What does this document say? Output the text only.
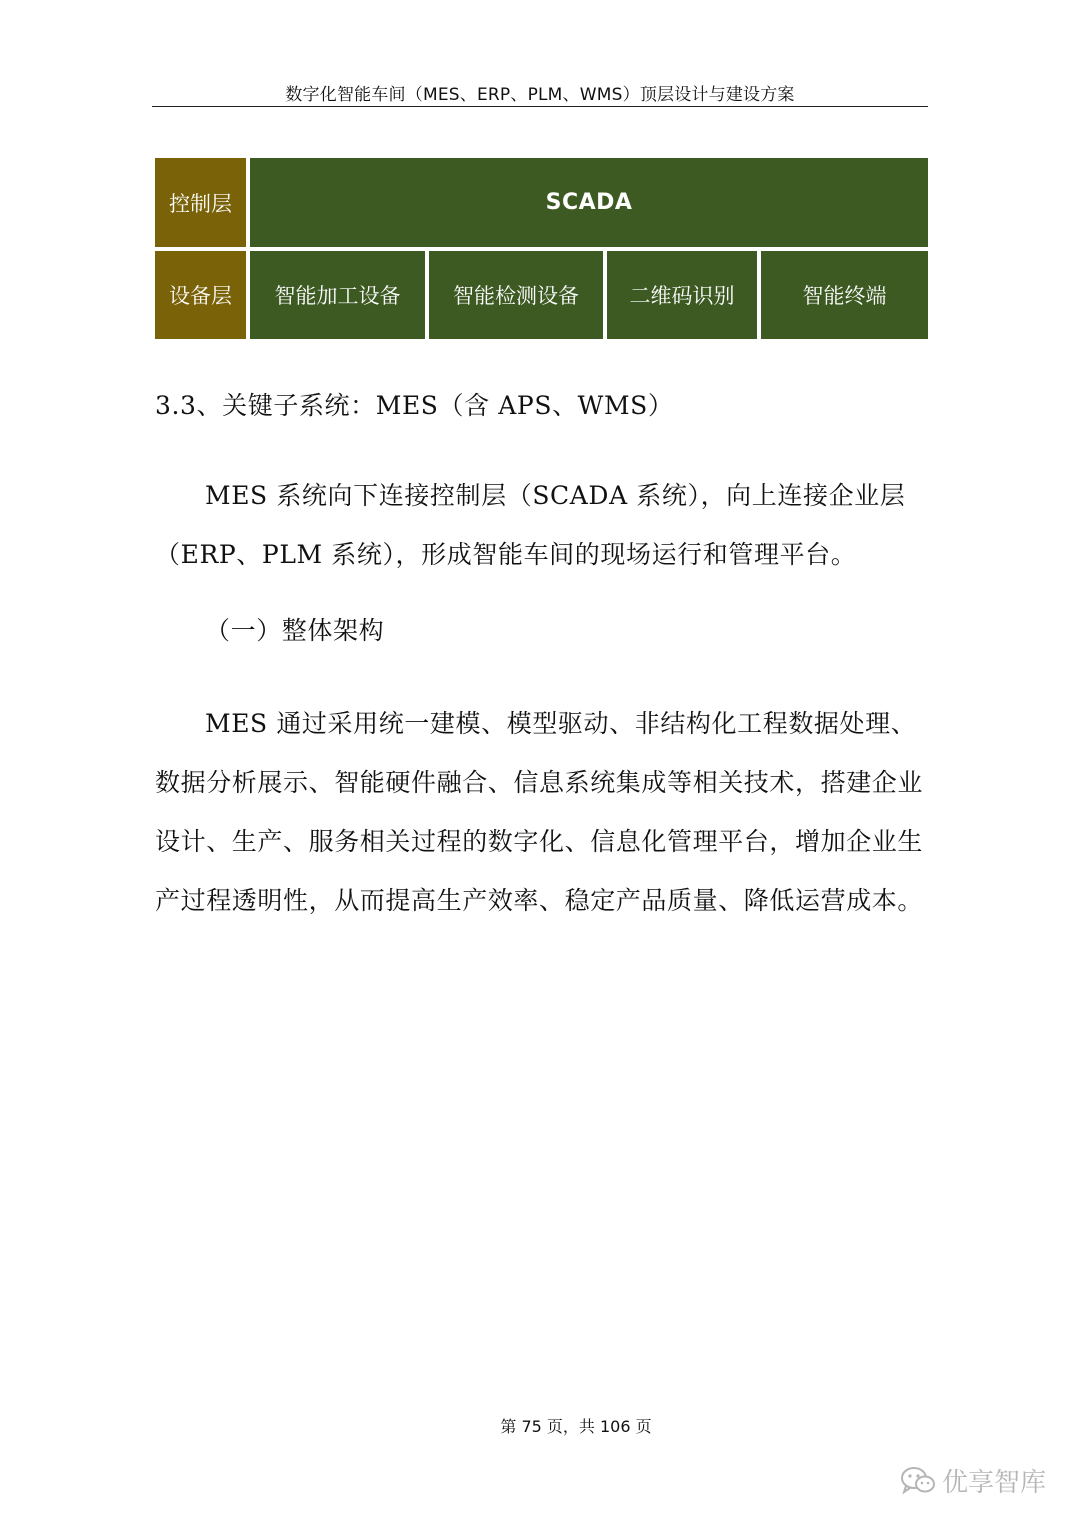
数字化智能车间（MES、ERP、PLM、WMS）顶层设计与建设方案
控制层	SCADA
设备层	智能加工设备	智能检测设备	二维码识别	智能终端
3.3、关键子系统：MES（含 APS、WMS）
MES 系统向下连接控制层（SCADA 系统），向上连接企业层（ERP、PLM 系统），形成智能车间的现场运行和管理平台。
（一）整体架构
MES 通过采用统一建模、模型驱动、非结构化工程数据处理、数据分析展示、智能硬件融合、信息系统集成等相关技术，搭建企业设计、生产、服务相关过程的数字化、信息化管理平台，增加企业生产过程透明性，从而提高生产效率、稳定产品质量、降低运营成本。
第 75 页，共 106 页
优享智库
